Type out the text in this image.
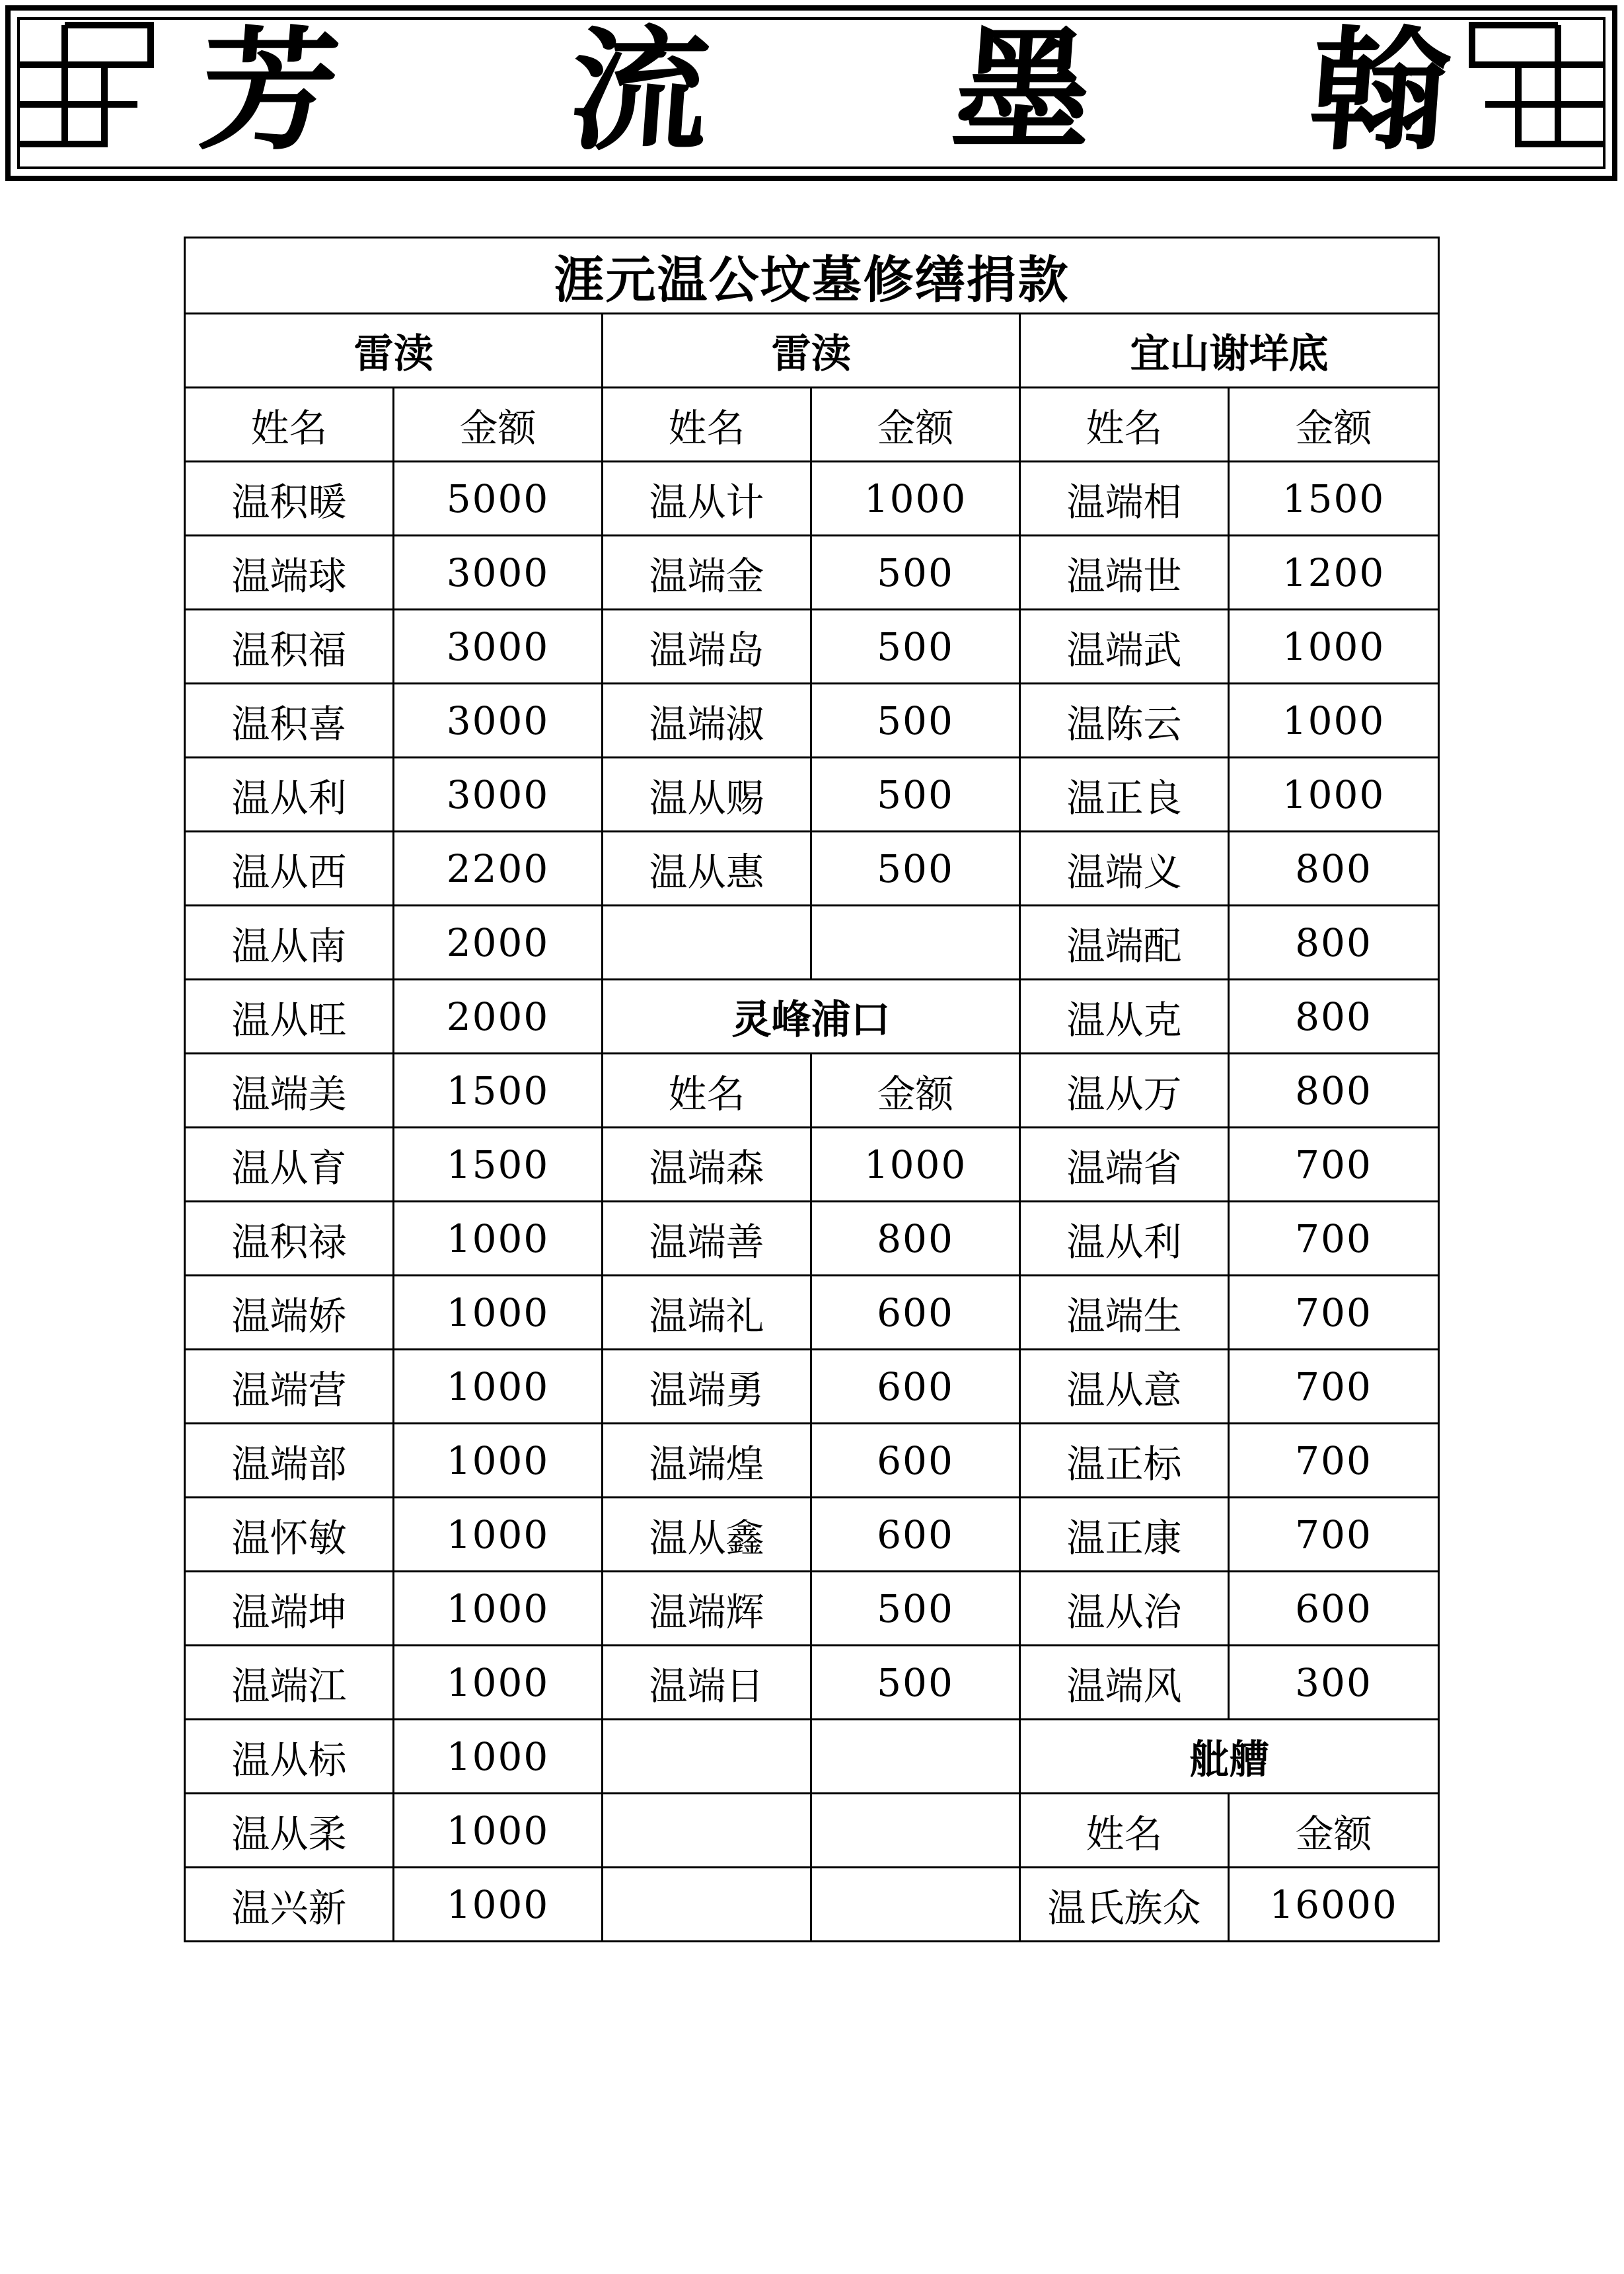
芳 流 墨 翰
涯元温公坟墓修缮捐款					
雷渎		雷渎		宜山谢垟底	
姓名	金额	姓名	金额	姓名	金额
温积暖	5000	温从计	1000	温端相	1500
温端球	3000	温端金	500	温端世	1200
温积福	3000	温端岛	500	温端武	1000
温积喜	3000	温端淑	500	温陈云	1000
温从利	3000	温从赐	500	温正良	1000
温从西	2200	温从惠	500	温端义	800
温从南	2000			温端配	800
温从旺	2000	灵峰浦口		温从克	800
温端美	1500	姓名	金额	温从万	800
温从育	1500	温端森	1000	温端省	700
温积禄	1000	温端善	800	温从利	700
温端娇	1000	温端礼	600	温端生	700
温端营	1000	温端勇	600	温从意	700
温端部	1000	温端煌	600	温正标	700
温怀敏	1000	温从鑫	600	温正康	700
温端坤	1000	温端辉	500	温从治	600
温端江	1000	温端日	500	温端风	300
温从标	1000			舭艚	
温从柔	1000			姓名	金额
温兴新	1000			温氏族众	16000
